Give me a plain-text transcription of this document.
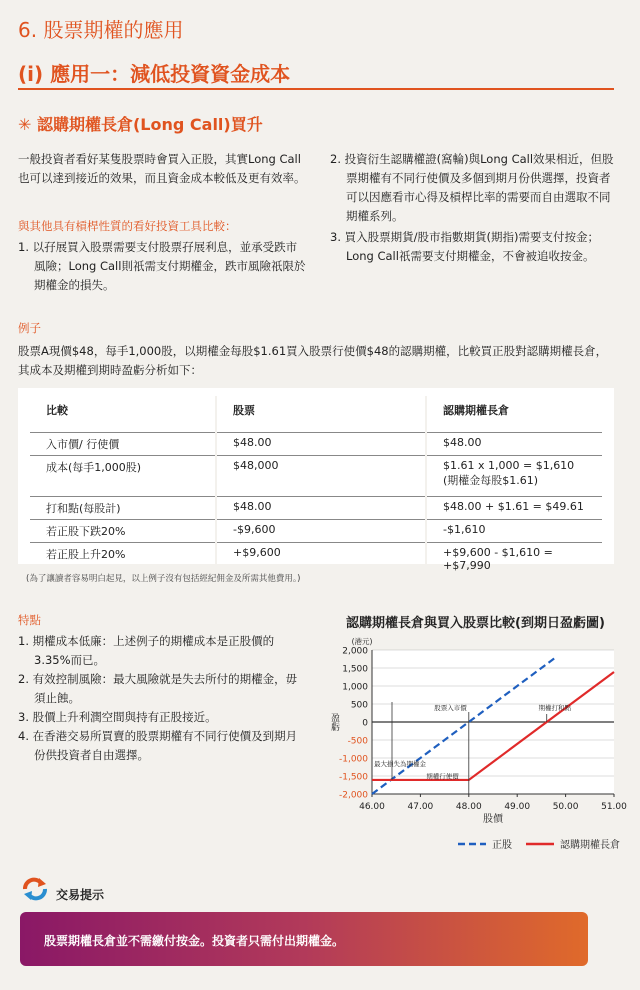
6. 股票期權的應用
(i) 應用一：減低投資資金成本
✳ 認購期權長倉(Long Call)買升
一般投資者看好某隻股票時會買入正股，其實Long Call也可以達到接近的效果，而且資金成本較低及更有效率。
與其他具有槓桿性質的看好投資工具比較：
1. 以孖展買入股票需要支付股票孖展利息，並承受跌市風險；Long Call則祇需支付期權金，跌市風險祇限於期權金的損失。
2. 投資衍生認購權證(窩輪)與Long Call效果相近，但股票期權有不同行使價及多個到期月份供選擇，投資者可以因應看市心得及槓桿比率的需要而自由選取不同期權系列。
3. 買入股票期貨/股市指數期貨(期指)需要支付按金；Long Call祇需要支付期權金，不會被追收按金。
例子
股票A現價$48，每手1,000股，以期權金每股$1.61買入股票行使價$48的認購期權，比較買正股對認購期權長倉，其成本及期權到期時盈虧分析如下：
比較	股票	認購期權長倉
入市價/ 行使價	$48.00	$48.00
成本(每手1,000股)	$48,000	$1.61 x 1,000 = $1,610
(期權金每股$1.61)
打和點(每股計)	$48.00	$48.00 + $1.61 = $49.61
若正股下跌20%	-$9,600	-$1,610
若正股上升20%	+$9,600	+$9,600 - $1,610 = +$7,990
(為了讓讀者容易明白起見，以上例子沒有包括經紀佣金及所需其他費用。)
特點
1. 期權成本低廉：上述例子的期權成本是正股價的3.35%而已。
2. 有效控制風險：最大風險就是失去所付的期權金，毋須止蝕。
3. 股價上升利潤空間與持有正股接近。
4. 在香港交易所買賣的股票期權有不同行使價及到期月份供投資者自由選擇。
認購期權長倉與買入股票比較(到期日盈虧圖)
股票入市價	期權打和點
最大損失為期權金
期權行使價
2,000
1,500
1,000
500
0
-500
-1,000
-1,500
-2,000
46.00	47.00	48.00	49.00	50.00	51.00
(港元)
盈虧
股價
正股	認購期權長倉
交易提示
股票期權長倉並不需繳付按金。投資者只需付出期權金。
